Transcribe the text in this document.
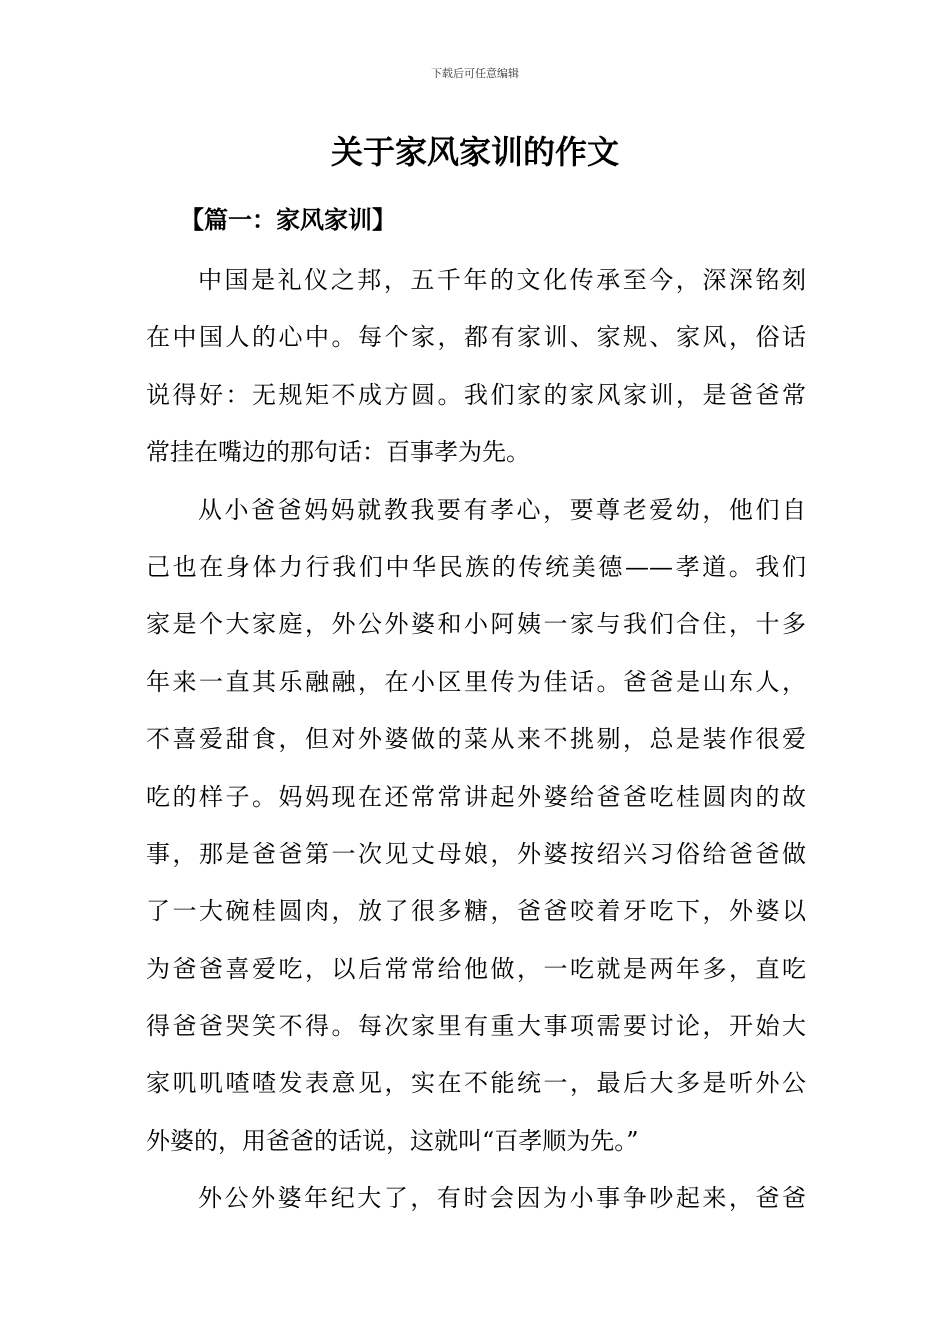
下载后可任意编辑
关于家风家训的作文
【篇一：家风家训】

中国是礼仪之邦，五千年的文化传承至今，深深铭刻
在中国人的心中。每个家，都有家训、家规、家风，俗话
说得好：无规矩不成方圆。我们家的家风家训，是爸爸常
常挂在嘴边的那句话：百事孝为先。

从小爸爸妈妈就教我要有孝心，要尊老爱幼，他们自
己也在身体力行我们中华民族的传统美德——孝道。我们
家是个大家庭，外公外婆和小阿姨一家与我们合住，十多
年来一直其乐融融，在小区里传为佳话。爸爸是山东人，
不喜爱甜食，但对外婆做的菜从来不挑剔，总是装作很爱
吃的样子。妈妈现在还常常讲起外婆给爸爸吃桂圆肉的故
事，那是爸爸第一次见丈母娘，外婆按绍兴习俗给爸爸做
了一大碗桂圆肉，放了很多糖，爸爸咬着牙吃下，外婆以
为爸爸喜爱吃，以后常常给他做，一吃就是两年多，直吃
得爸爸哭笑不得。每次家里有重大事项需要讨论，开始大
家叽叽喳喳发表意见，实在不能统一，最后大多是听外公
外婆的，用爸爸的话说，这就叫“百孝顺为先。”

外公外婆年纪大了，有时会因为小事争吵起来，爸爸
